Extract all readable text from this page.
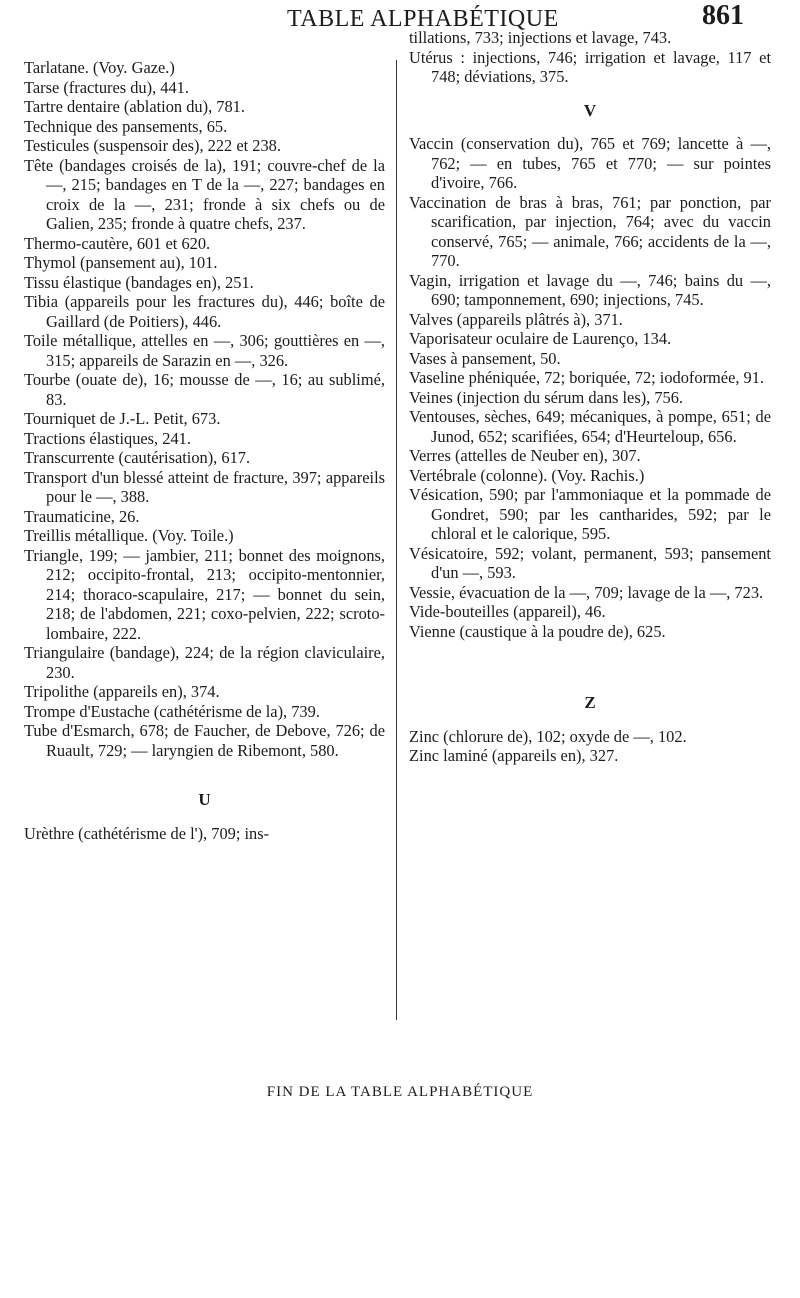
TABLE ALPHABÉTIQUE	861

Tarlatane. (Voy. Gaze.)

Tarse (fractures du), 441.

Tartre dentaire (ablation du), 781.

Technique des pansements, 65.

Testicules (suspensoir des), 222 et 238.

Tête (bandages croisés de la), 191; couvre-chef de la —, 215; bandages en T de la —, 227; bandages en croix de la —, 231; fronde à six chefs ou de Galien, 235; fronde à quatre chefs, 237.

Thermo-cautère, 601 et 620.

Thymol (pansement au), 101.

Tissu élastique (bandages en), 251.

Tibia (appareils pour les fractures du), 446; boîte de Gaillard (de Poitiers), 446.

Toile métallique, attelles en —, 306; gouttières en —, 315; appareils de Sarazin en —, 326.

Tourbe (ouate de), 16; mousse de —, 16; au sublimé, 83.

Tourniquet de J.-L. Petit, 673.

Tractions élastiques, 241.

Transcurrente (cautérisation), 617.

Transport d'un blessé atteint de fracture, 397; appareils pour le —, 388.

Traumaticine, 26.

Treillis métallique. (Voy. Toile.)

Triangle, 199; — jambier, 211; bonnet des moignons, 212; occipito-frontal, 213; occipito-mentonnier, 214; thoraco-scapulaire, 217; — bonnet du sein, 218; de l'abdomen, 221; coxo-pelvien, 222; scroto-lombaire, 222.

Triangulaire (bandage), 224; de la région claviculaire, 230.

Tripolithe (appareils en), 374.

Trompe d'Eustache (cathétérisme de la), 739.

Tube d'Esmarch, 678; de Faucher, de Debove, 726; de Ruault, 729; — laryngien de Ribemont, 580.

U

Urèthre (cathétérisme de l'), 709; ins-

tillations, 733; injections et lavage, 743.

Utérus : injections, 746; irrigation et lavage, 117 et 748; déviations, 375.

V

Vaccin (conservation du), 765 et 769; lancette à —, 762; — en tubes, 765 et 770; — sur pointes d'ivoire, 766.

Vaccination de bras à bras, 761; par ponction, par scarification, par injection, 764; avec du vaccin conservé, 765; — animale, 766; accidents de la —, 770.

Vagin, irrigation et lavage du —, 746; bains du —, 690; tamponnement, 690; injections, 745.

Valves (appareils plâtrés à), 371.

Vaporisateur oculaire de Laurenço, 134.

Vases à pansement, 50.

Vaseline phéniquée, 72; boriquée, 72; iodoformée, 91.

Veines (injection du sérum dans les), 756.

Ventouses, sèches, 649; mécaniques, à pompe, 651; de Junod, 652; scarifiées, 654; d'Heurteloup, 656.

Verres (attelles de Neuber en), 307.

Vertébrale (colonne). (Voy. Rachis.)

Vésication, 590; par l'ammoniaque et la pommade de Gondret, 590; par les cantharides, 592; par le chloral et le calorique, 595.

Vésicatoire, 592; volant, permanent, 593; pansement d'un —, 593.

Vessie, évacuation de la —, 709; lavage de la —, 723.

Vide-bouteilles (appareil), 46.

Vienne (caustique à la poudre de), 625.

Z

Zinc (chlorure de), 102; oxyde de —, 102.

Zinc laminé (appareils en), 327.

FIN DE LA TABLE ALPHABÉTIQUE
